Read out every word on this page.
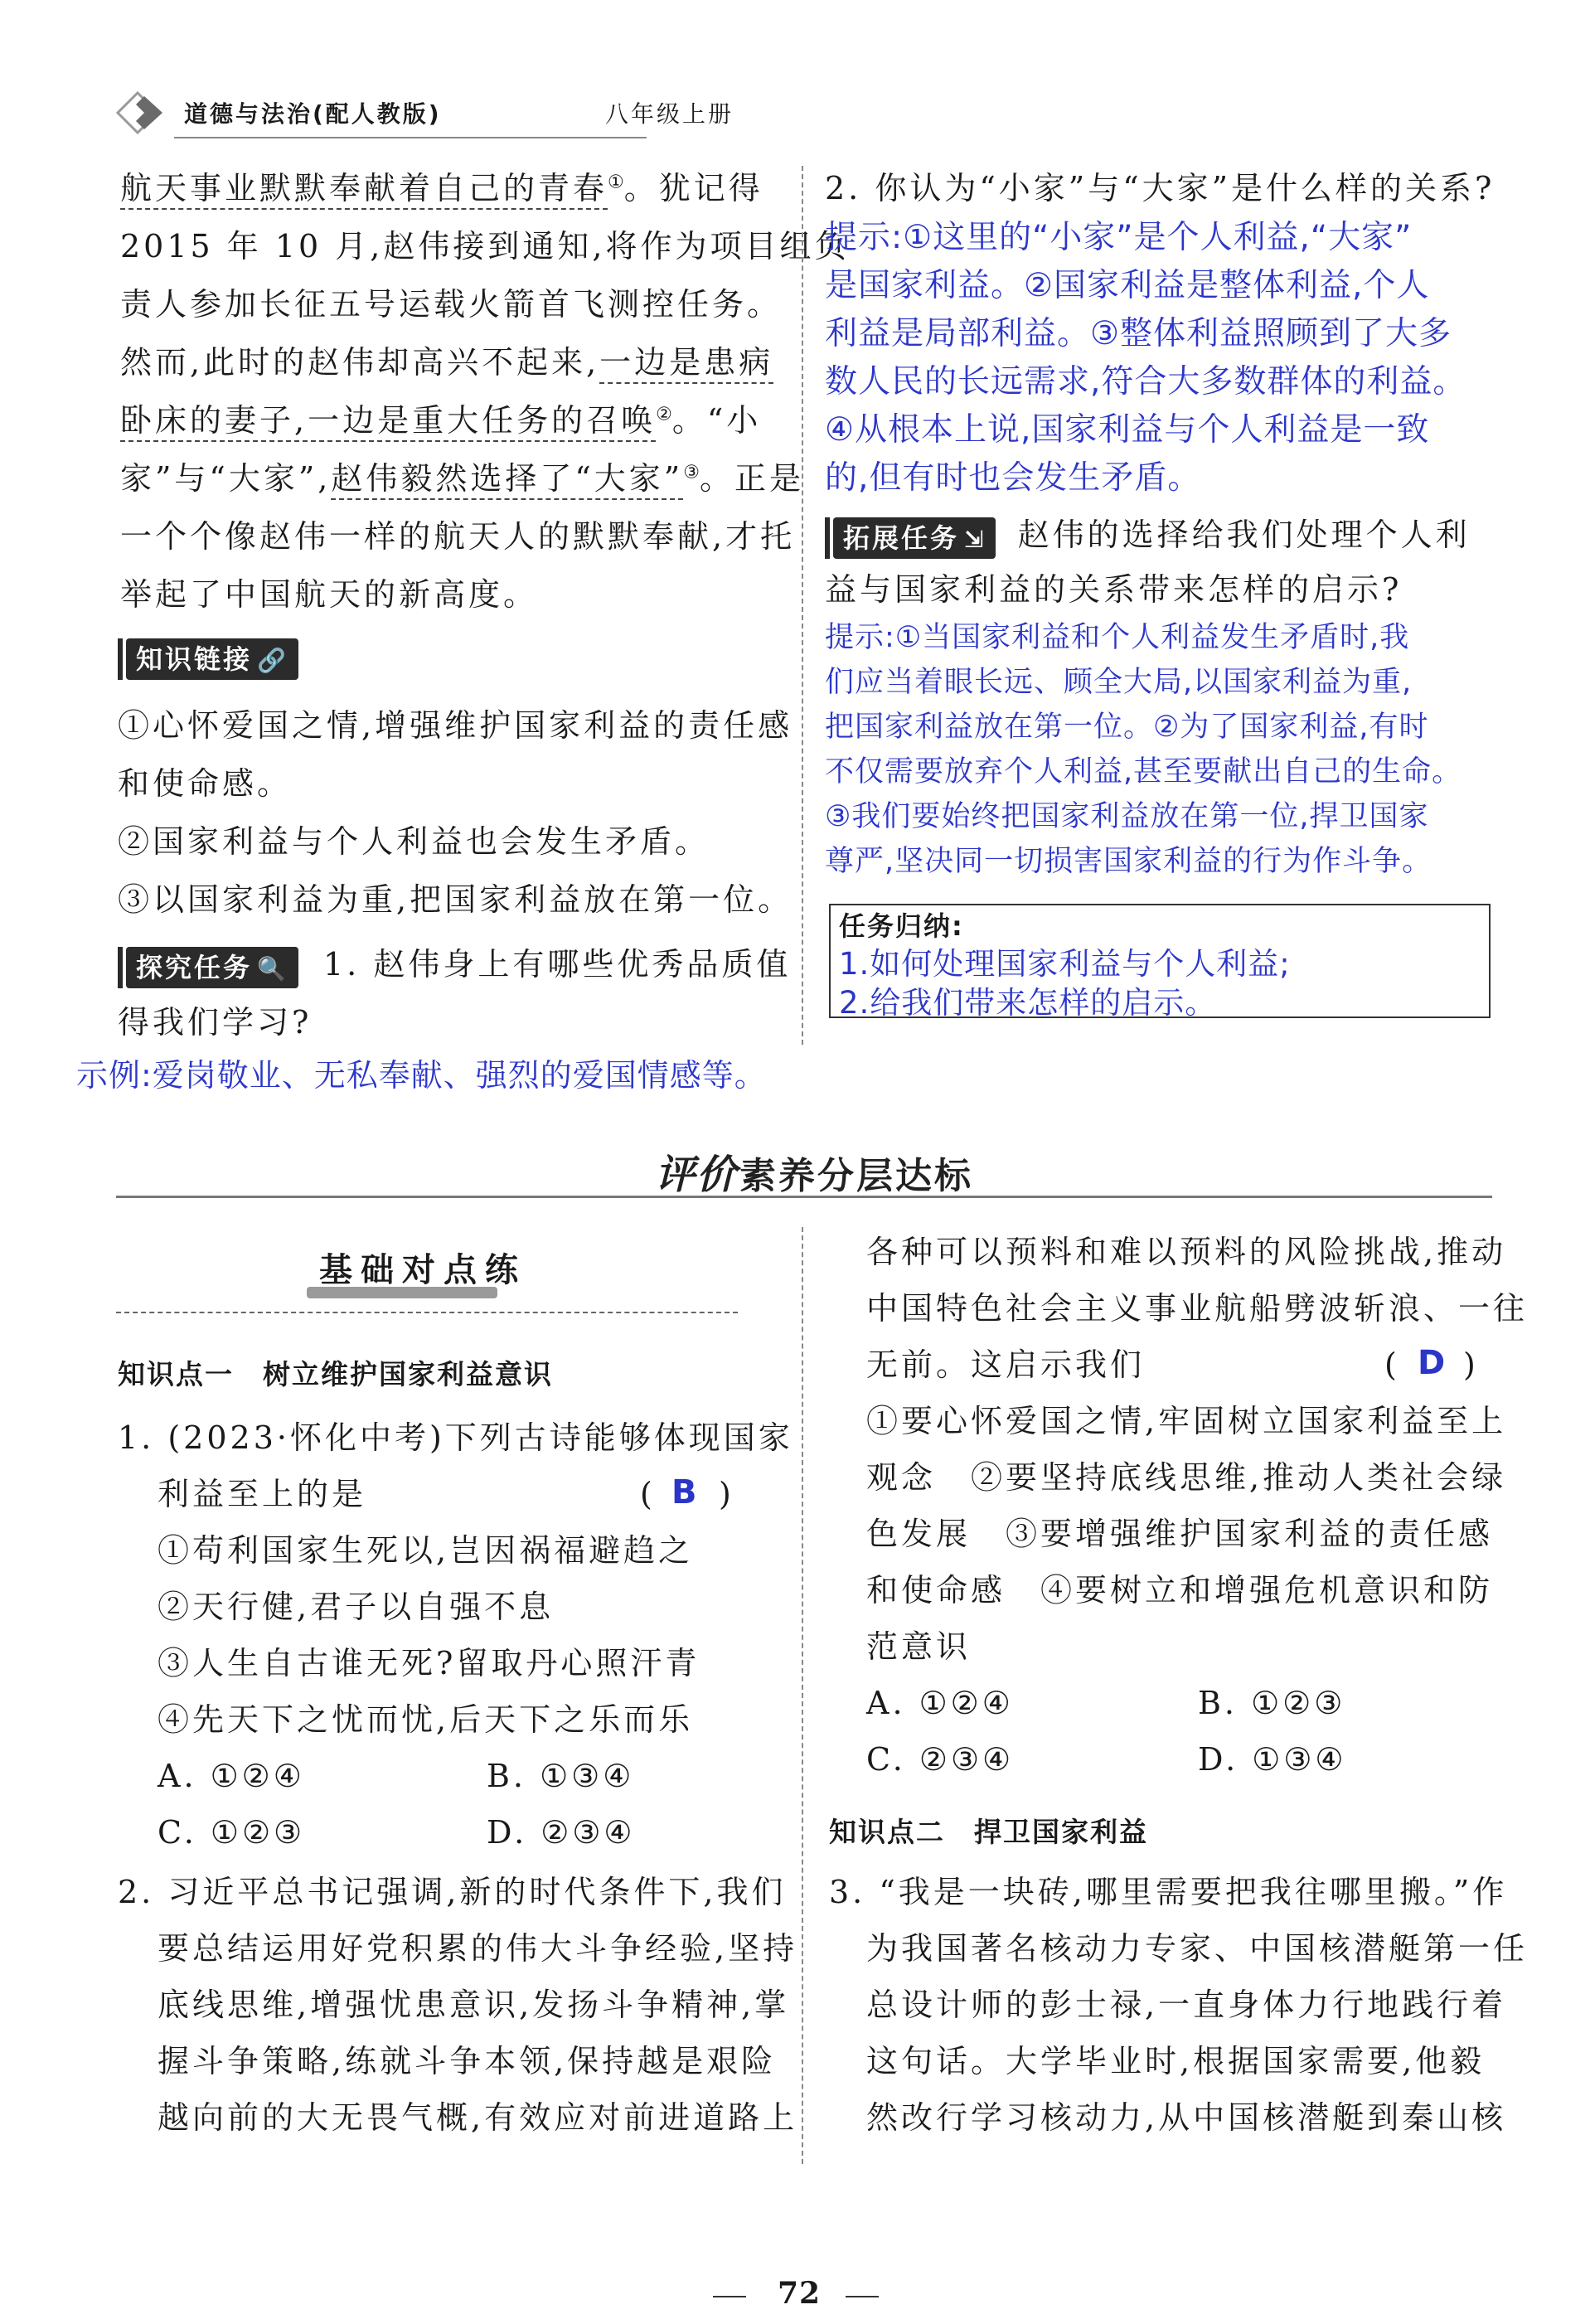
道德与法治(配人教版)	八年级上册
航天事业默默奉献着自己的青春①。犹记得
2015 年 10 月,赵伟接到通知,将作为项目组负
责人参加长征五号运载火箭首飞测控任务。
然而,此时的赵伟却高兴不起来,一边是患病
卧床的妻子,一边是重大任务的召唤②。“小
家”与“大家”,赵伟毅然选择了“大家”③。正是
一个个像赵伟一样的航天人的默默奉献,才托
举起了中国航天的新高度。
知识链接 🔗
①心怀爱国之情,增强维护国家利益的责任感
和使命感。
②国家利益与个人利益也会发生矛盾。
③以国家利益为重,把国家利益放在第一位。
探究任务 🔍 1. 赵伟身上有哪些优秀品质值
得我们学习?
示例:爱岗敬业、无私奉献、强烈的爱国情感等。
2. 你认为“小家”与“大家”是什么样的关系?
提示:①这里的“小家”是个人利益,“大家”
是国家利益。②国家利益是整体利益,个人
利益是局部利益。③整体利益照顾到了大多
数人民的长远需求,符合大多数群体的利益。
④从根本上说,国家利益与个人利益是一致
的,但有时也会发生矛盾。
拓展任务 ⇲ 赵伟的选择给我们处理个人利
益与国家利益的关系带来怎样的启示?
提示:①当国家利益和个人利益发生矛盾时,我
们应当着眼长远、顾全大局,以国家利益为重,
把国家利益放在第一位。②为了国家利益,有时
不仅需要放弃个人利益,甚至要献出自己的生命。
③我们要始终把国家利益放在第一位,捍卫国家
尊严,坚决同一切损害国家利益的行为作斗争。
任务归纳:
1.如何处理国家利益与个人利益;
2.给我们带来怎样的启示。
评价 素养分层达标
基础对点练
知识点一　树立维护国家利益意识
1. (2023·怀化中考)下列古诗能够体现国家
利益至上的是	( B )
①苟利国家生死以,岂因祸福避趋之
②天行健,君子以自强不息
③人生自古谁无死?留取丹心照汗青
④先天下之忧而忧,后天下之乐而乐
A. ①②④	B. ①③④
C. ①②③	D. ②③④
2. 习近平总书记强调,新的时代条件下,我们
要总结运用好党积累的伟大斗争经验,坚持
底线思维,增强忧患意识,发扬斗争精神,掌
握斗争策略,练就斗争本领,保持越是艰险
越向前的大无畏气概,有效应对前进道路上
各种可以预料和难以预料的风险挑战,推动
中国特色社会主义事业航船劈波斩浪、一往
无前。这启示我们	( D )
①要心怀爱国之情,牢固树立国家利益至上
观念　②要坚持底线思维,推动人类社会绿
色发展　③要增强维护国家利益的责任感
和使命感　④要树立和增强危机意识和防
范意识
A. ①②④	B. ①②③
C. ②③④	D. ①③④
知识点二　捍卫国家利益
3. “我是一块砖,哪里需要把我往哪里搬。”作
为我国著名核动力专家、中国核潜艇第一任
总设计师的彭士禄,一直身体力行地践行着
这句话。大学毕业时,根据国家需要,他毅
然改行学习核动力,从中国核潜艇到秦山核
72
